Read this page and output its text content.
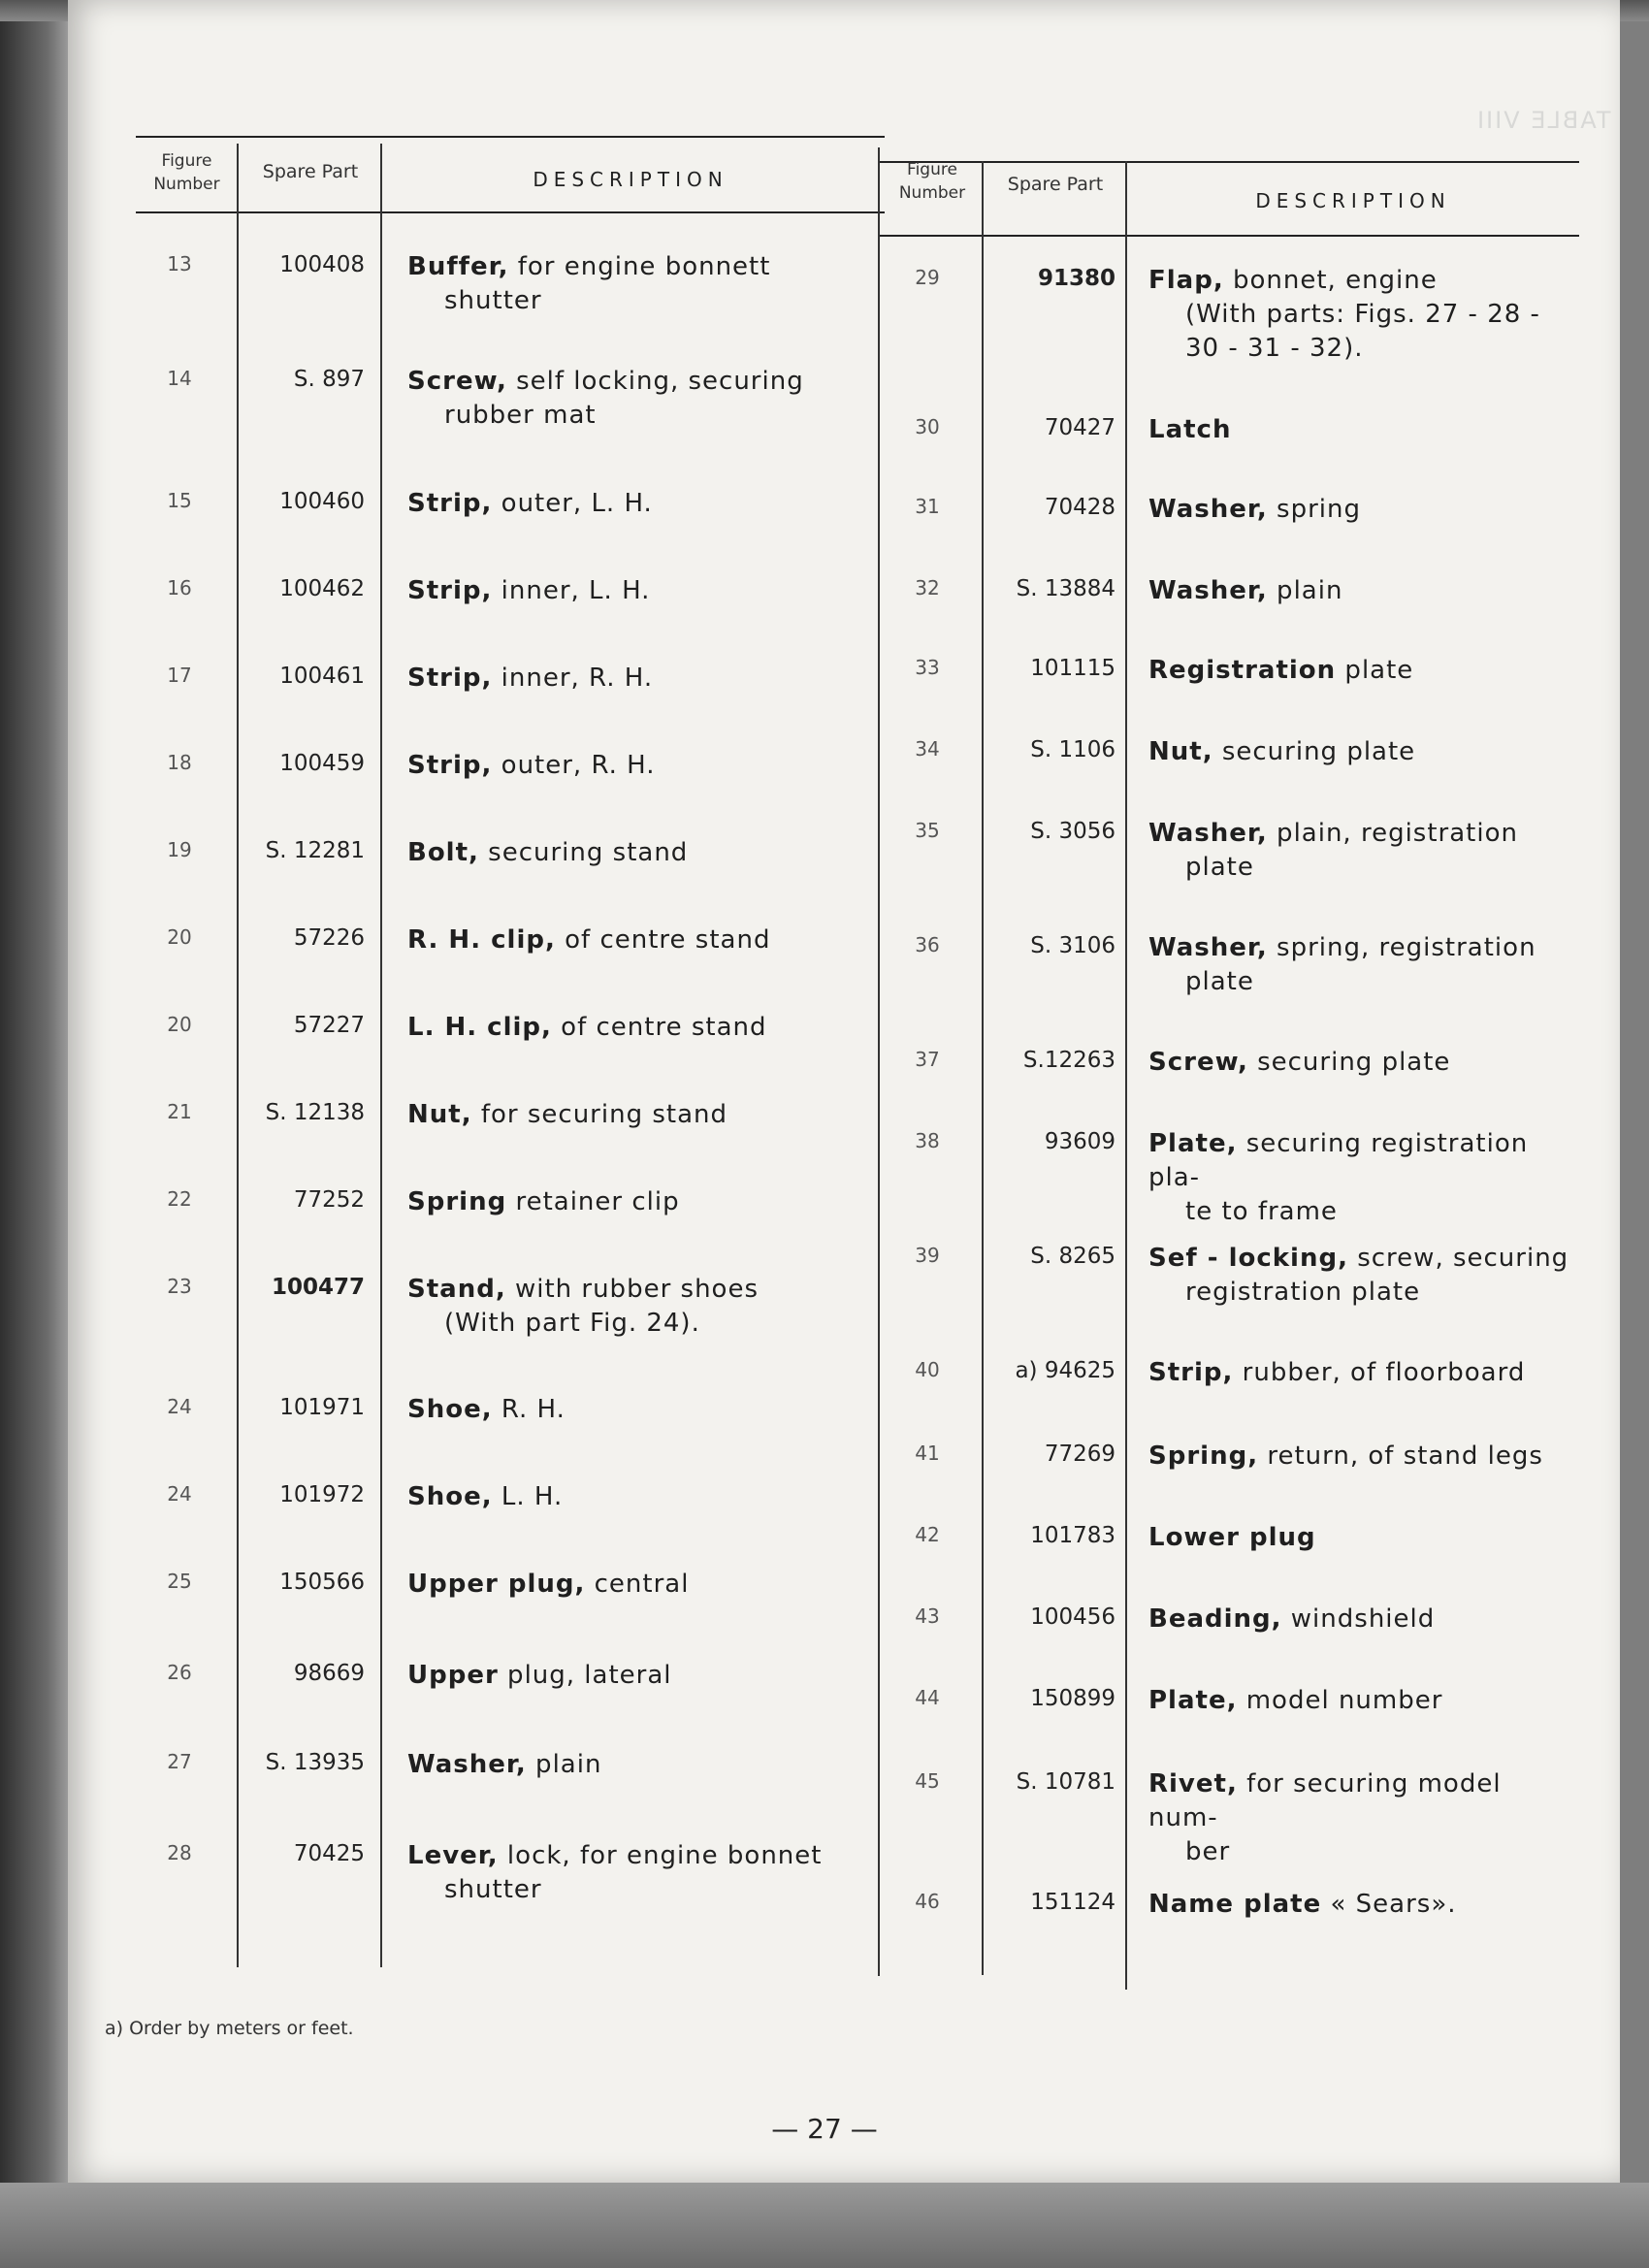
TABLE VIII
Figure Number
Spare Part	DESCRIPTION
13	100408 Buffer, for engine bonnett
shutter
14	S. 897 Screw, self locking, securing
rubber mat
15	100460 Strip, outer, L. H.
16	100462 Strip, inner, L. H.
17	100461 Strip, inner, R. H.
18	100459 Strip, outer, R. H.
19	S. 12281 Bolt, securing stand
20	57226 R. H. clip, of centre stand
20	57227 L. H. clip, of centre stand
21	S. 12138 Nut, for securing stand
22	77252 Spring retainer clip
23	100477 Stand, with rubber shoes
(With part Fig. 24).
24	101971 Shoe, R. H.
24	101972 Shoe, L. H.
25	150566 Upper plug, central
26	98669 Upper plug, lateral
27	S. 13935 Washer, plain
28	70425 Lever, lock, for engine bonnet
shutter
Figure Number	Spare Part
DESCRIPTION
29	91380 Flap, bonnet, engine
(With parts: Figs. 27 - 28 -
30 - 31 - 32).
30	70427 Latch
31	70428 Washer, spring
32	S. 13884 Washer, plain
33	101115 Registration plate
34	S. 1106 Nut, securing plate
35	S. 3056 Washer, plain, registration
plate
36	S. 3106 Washer, spring, registration
plate
37	S.12263 Screw, securing plate
38	93609 Plate, securing registration pla-
te to frame
39	S. 8265 Sef - locking, screw, securing
registration plate
40	a) 94625 Strip, rubber, of floorboard
41	77269 Spring, return, of stand legs
42	101783 Lower plug
43	100456 Beading, windshield
44	150899 Plate, model number
45	S. 10781 Rivet, for securing model num-
ber
46	151124 Name plate « Sears».
a) Order by meters or feet.
— 27 —
